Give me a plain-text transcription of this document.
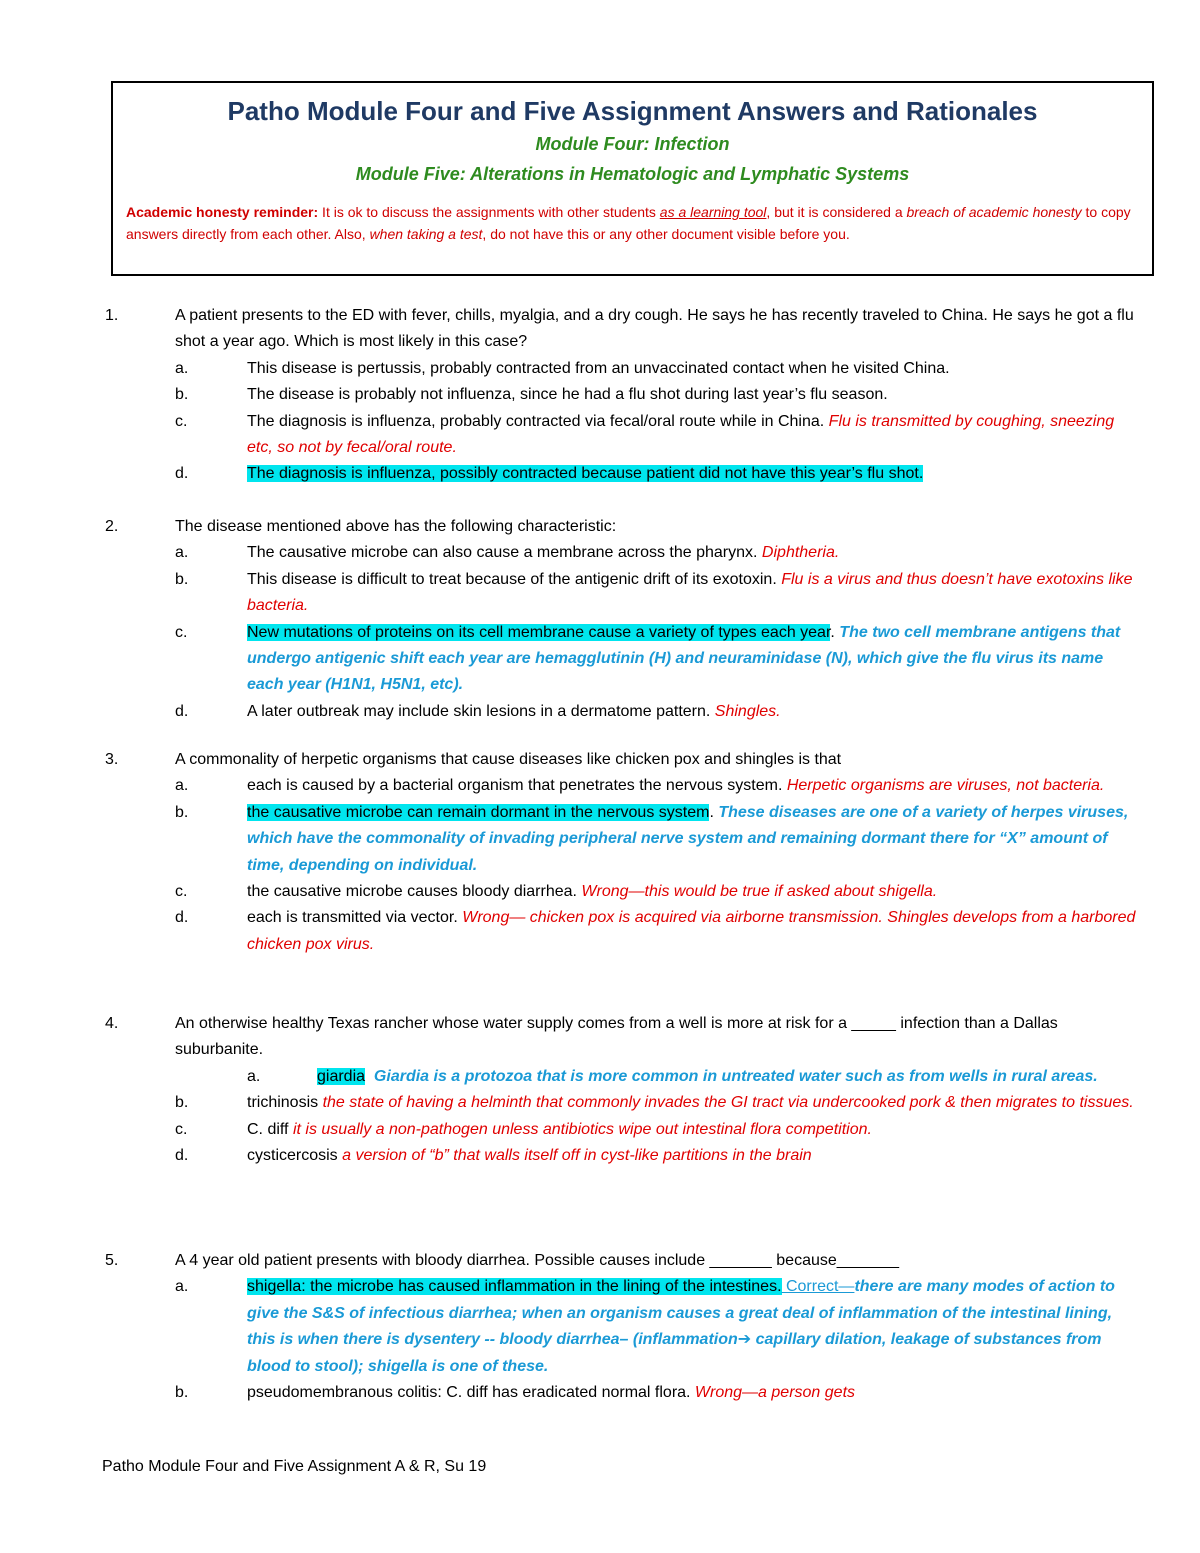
Patho Module Four and Five Assignment Answers and Rationales
Module Four: Infection
Module Five: Alterations in Hematologic and Lymphatic Systems
Academic honesty reminder: It is ok to discuss the assignments with other students as a learning tool, but it is considered a breach of academic honesty to copy answers directly from each other. Also, when taking a test, do not have this or any other document visible before you.
1.	A patient presents to the ED with fever, chills, myalgia, and a dry cough. He says he has recently traveled to China. He says he got a flu shot a year ago. Which is most likely in this case?
a.	This disease is pertussis, probably contracted from an unvaccinated contact when he visited China.
b.	The disease is probably not influenza, since he had a flu shot during last year’s flu season.
c.	The diagnosis is influenza, probably contracted via fecal/oral route while in China. Flu is transmitted by coughing, sneezing etc, so not by fecal/oral route.
d.	The diagnosis is influenza, possibly contracted because patient did not have this year’s flu shot.
2.	The disease mentioned above has the following characteristic:
a.	The causative microbe can also cause a membrane across the pharynx. Diphtheria.
b.	This disease is difficult to treat because of the antigenic drift of its exotoxin. Flu is a virus and thus doesn’t have exotoxins like bacteria.
c.	New mutations of proteins on its cell membrane cause a variety of types each year. The two cell membrane antigens that undergo antigenic shift each year are hemagglutinin (H) and neuraminidase (N), which give the flu virus its name each year (H1N1, H5N1, etc).
d.	A later outbreak may include skin lesions in a dermatome pattern. Shingles.
3.	A commonality of herpetic organisms that cause diseases like chicken pox and shingles is that
a.	each is caused by a bacterial organism that penetrates the nervous system. Herpetic organisms are viruses, not bacteria.
b.	the causative microbe can remain dormant in the nervous system. These diseases are one of a variety of herpes viruses, which have the commonality of invading peripheral nerve system and remaining dormant there for “X” amount of time, depending on individual.
c.	the causative microbe causes bloody diarrhea. Wrong—this would be true if asked about shigella.
d.	each is transmitted via vector. Wrong— chicken pox is acquired via airborne transmission. Shingles develops from a harbored chicken pox virus.
4.	An otherwise healthy Texas rancher whose water supply comes from a well is more at risk for a _____ infection than a Dallas suburbanite.
a.	giardia Giardia is a protozoa that is more common in untreated water such as from wells in rural areas.
b.	trichinosis the state of having a helminth that commonly invades the GI tract via undercooked pork & then migrates to tissues.
c.	C. diff it is usually a non-pathogen unless antibiotics wipe out intestinal flora competition.
d.	cysticercosis a version of “b” that walls itself off in cyst-like partitions in the brain
5.	A 4 year old patient presents with bloody diarrhea. Possible causes include _______ because_______
a.	shigella: the microbe has caused inflammation in the lining of the intestines. Correct—there are many modes of action to give the S&S of infectious diarrhea; when an organism causes a great deal of inflammation of the intestinal lining, this is when there is dysentery -- bloody diarrhea– (inflammation➔ capillary dilation, leakage of substances from blood to stool); shigella is one of these.
b.	pseudomembranous colitis: C. diff has eradicated normal flora. Wrong—a person gets
Patho Module Four and Five Assignment A & R, Su 19
